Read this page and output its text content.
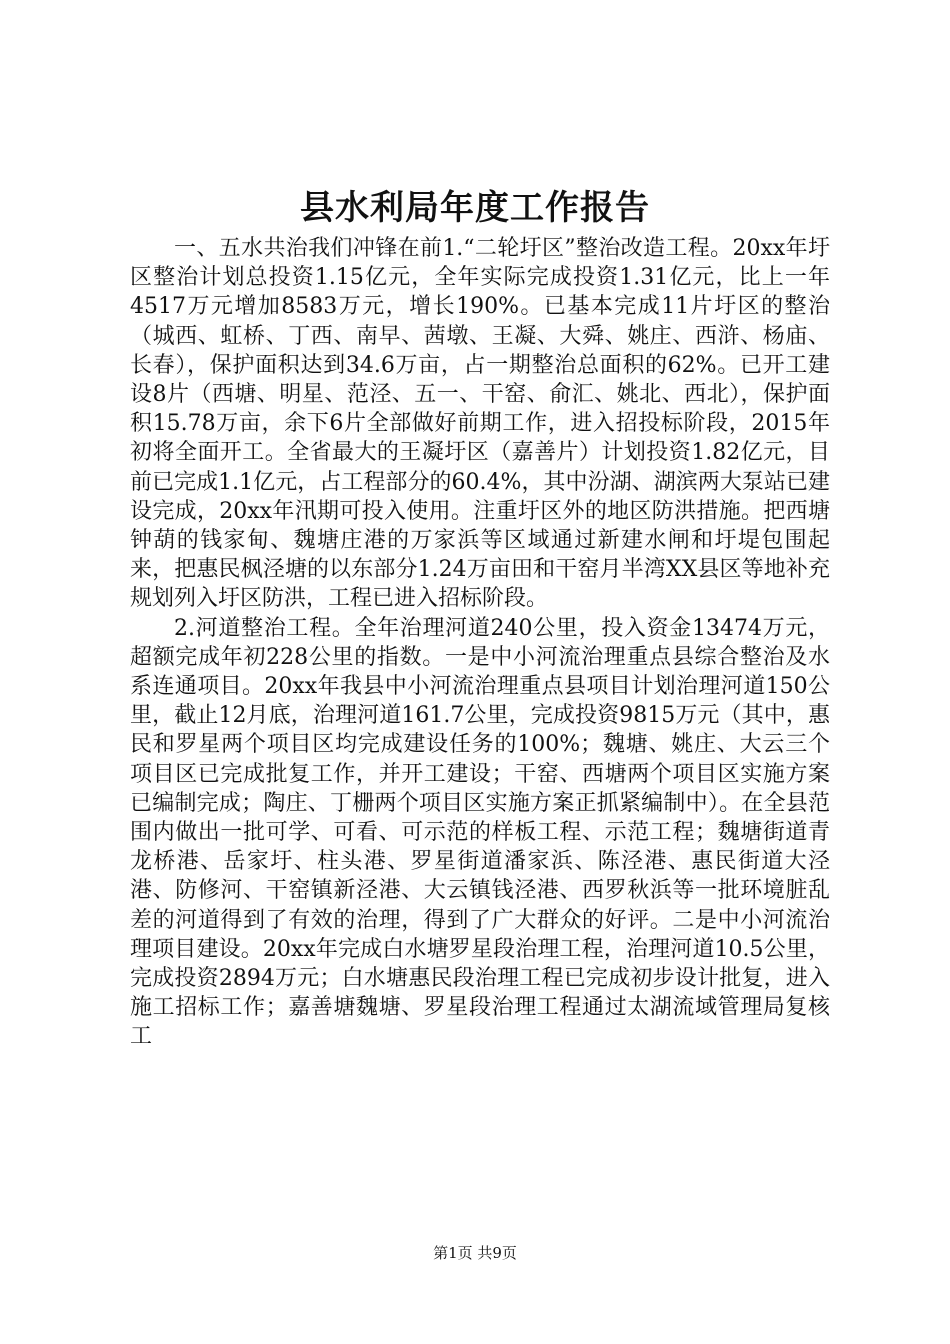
县水利局年度工作报告

一、五水共治我们冲锋在前1.“二轮圩区”整治改造工程。20xx年圩区整治计划总投资1.15亿元，全年实际完成投资1.31亿元，比上一年4517万元增加8583万元，增长190%。已基本完成11片圩区的整治（城西、虹桥、丁西、南早、茜墩、王凝、大舜、姚庄、西浒、杨庙、长春），保护面积达到34.6万亩，占一期整治总面积的62%。已开工建设8片（西塘、明星、范泾、五一、干窑、俞汇、姚北、西北），保护面积15.78万亩，余下6片全部做好前期工作，进入招投标阶段，2015年初将全面开工。全省最大的王凝圩区（嘉善片）计划投资1.82亿元，目前已完成1.1亿元，占工程部分的60.4%，其中汾湖、湖滨两大泵站已建设完成，20xx年汛期可投入使用。注重圩区外的地区防洪措施。把西塘钟葫的钱家甸、魏塘庄港的万家浜等区域通过新建水闸和圩堤包围起来，把惠民枫泾塘的以东部分1.24万亩田和干窑月半湾XX县区等地补充规划列入圩区防洪，工程已进入招标阶段。

2.河道整治工程。全年治理河道240公里，投入资金13474万元，超额完成年初228公里的指数。一是中小河流治理重点县综合整治及水系连通项目。20xx年我县中小河流治理重点县项目计划治理河道150公里，截止12月底，治理河道161.7公里，完成投资9815万元（其中，惠民和罗星两个项目区均完成建设任务的100%；魏塘、姚庄、大云三个项目区已完成批复工作，并开工建设；干窑、西塘两个项目区实施方案已编制完成；陶庄、丁栅两个项目区实施方案正抓紧编制中）。在全县范围内做出一批可学、可看、可示范的样板工程、示范工程；魏塘街道青龙桥港、岳家圩、柱头港、罗星街道潘家浜、陈泾港、惠民街道大泾港、防修河、干窑镇新泾港、大云镇钱泾港、西罗秋浜等一批环境脏乱差的河道得到了有效的治理，得到了广大群众的好评。二是中小河流治理项目建设。20xx年完成白水塘罗星段治理工程，治理河道10.5公里，完成投资2894万元；白水塘惠民段治理工程已完成初步设计批复，进入施工招标工作；嘉善塘魏塘、罗星段治理工程通过太湖流域管理局复核工

第1页 共9页
